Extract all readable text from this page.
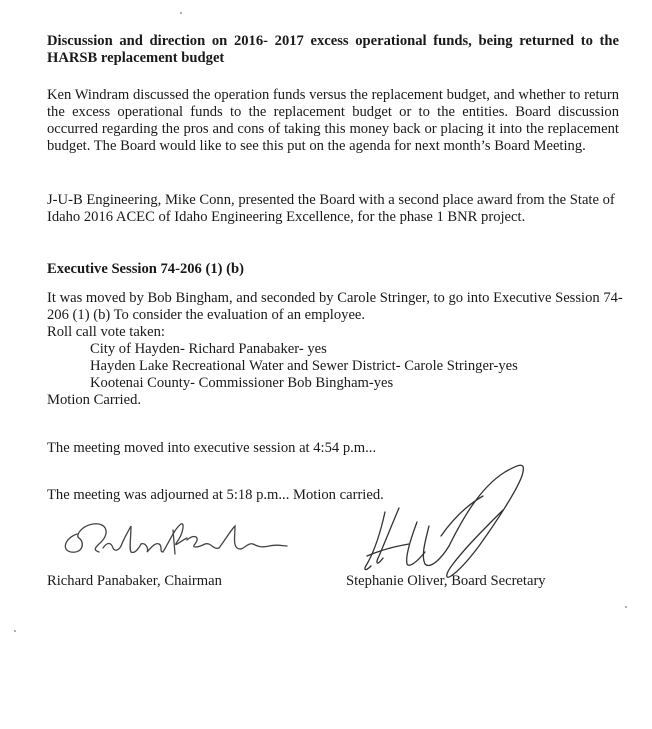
Discussion and direction on 2016- 2017 excess operational funds, being returned to the HARSB replacement budget

Ken Windram discussed the operation funds versus the replacement budget, and whether to return the excess operational funds to the replacement budget or to the entities. Board discussion occurred regarding the pros and cons of taking this money back or placing it into the replacement budget. The Board would like to see this put on the agenda for next month’s Board Meeting.

J-U-B Engineering, Mike Conn, presented the Board with a second place award from the State of Idaho 2016 ACEC of Idaho Engineering Excellence, for the phase 1 BNR project.

Executive Session 74-206 (1) (b)

It was moved by Bob Bingham, and seconded by Carole Stringer, to go into Executive Session 74-
206 (1) (b) To consider the evaluation of an employee.
Roll call vote taken:
City of Hayden- Richard Panabaker- yes
Hayden Lake Recreational Water and Sewer District- Carole Stringer-yes
Kootenai County- Commissioner Bob Bingham-yes
Motion Carried.

The meeting moved into executive session at 4:54 p.m...

The meeting was adjourned at 5:18 p.m... Motion carried.

Richard Panabaker, Chairman	Stephanie Oliver, Board Secretary
